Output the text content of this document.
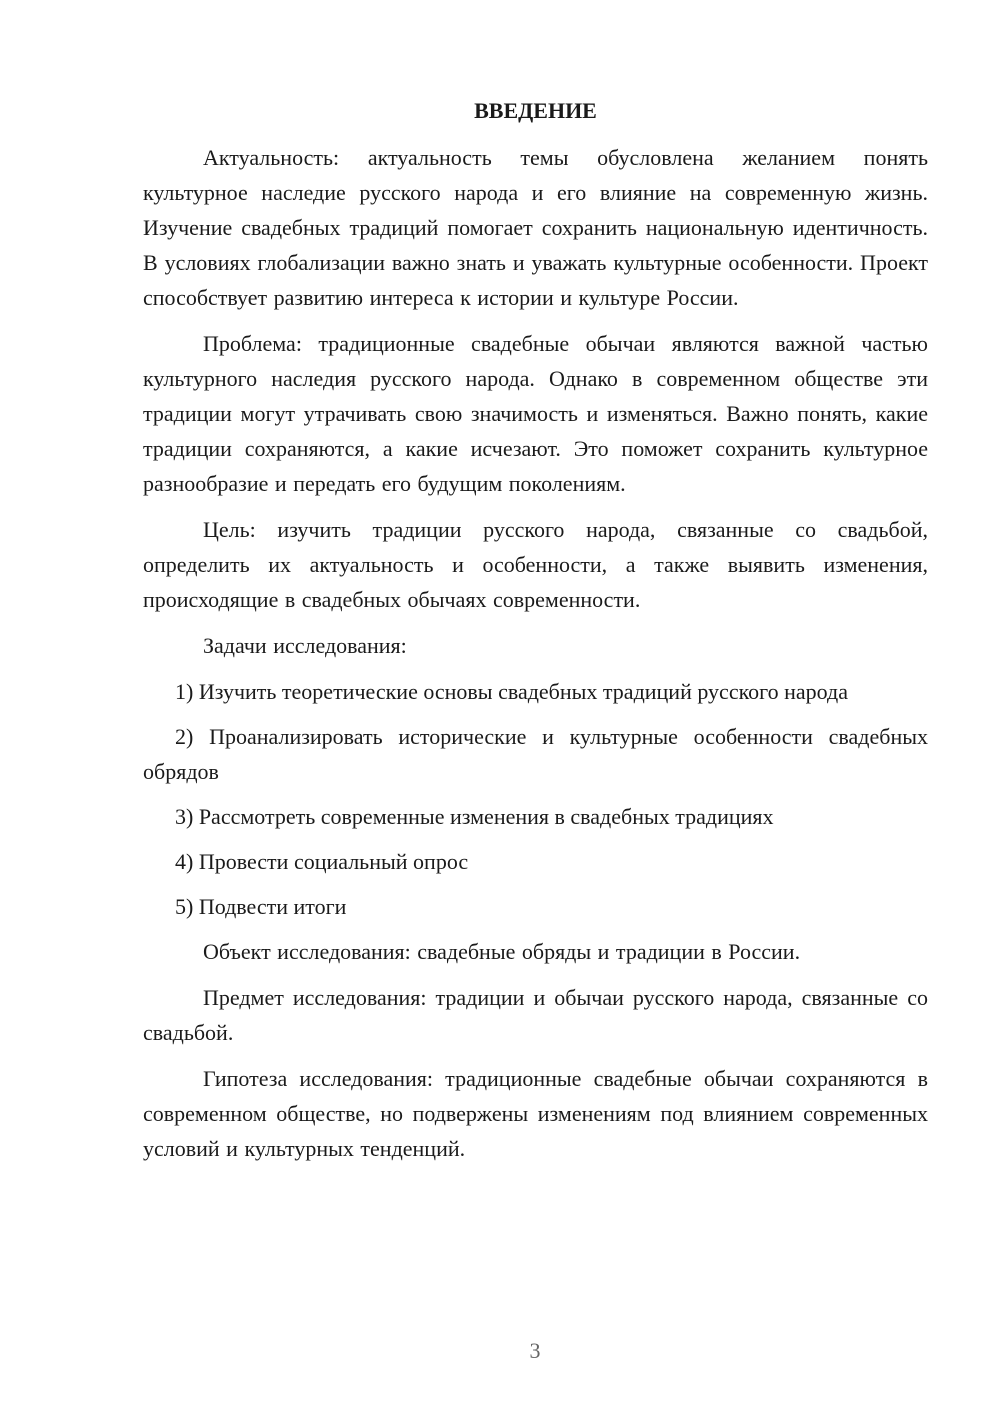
ВВЕДЕНИЕ

Актуальность: актуальность темы обусловлена желанием понять культурное наследие русского народа и его влияние на современную жизнь. Изучение свадебных традиций помогает сохранить национальную идентичность. В условиях глобализации важно знать и уважать культурные особенности. Проект способствует развитию интереса к истории и культуре России.

Проблема: традиционные свадебные обычаи являются важной частью культурного наследия русского народа. Однако в современном обществе эти традиции могут утрачивать свою значимость и изменяться. Важно понять, какие традиции сохраняются, а какие исчезают. Это поможет сохранить культурное разнообразие и передать его будущим поколениям.

Цель: изучить традиции русского народа, связанные со свадьбой, определить их актуальность и особенности, а также выявить изменения, происходящие в свадебных обычаях современности.

Задачи исследования:

1) Изучить теоретические основы свадебных традиций русского народа

2) Проанализировать исторические и культурные особенности свадебных обрядов

3) Рассмотреть современные изменения в свадебных традициях

4) Провести социальный опрос

5) Подвести итоги

Объект исследования: свадебные обряды и традиции в России.

Предмет исследования: традиции и обычаи русского народа, связанные со свадьбой.

Гипотеза исследования: традиционные свадебные обычаи сохраняются в современном обществе, но подвержены изменениям под влиянием современных условий и культурных тенденций.

3
